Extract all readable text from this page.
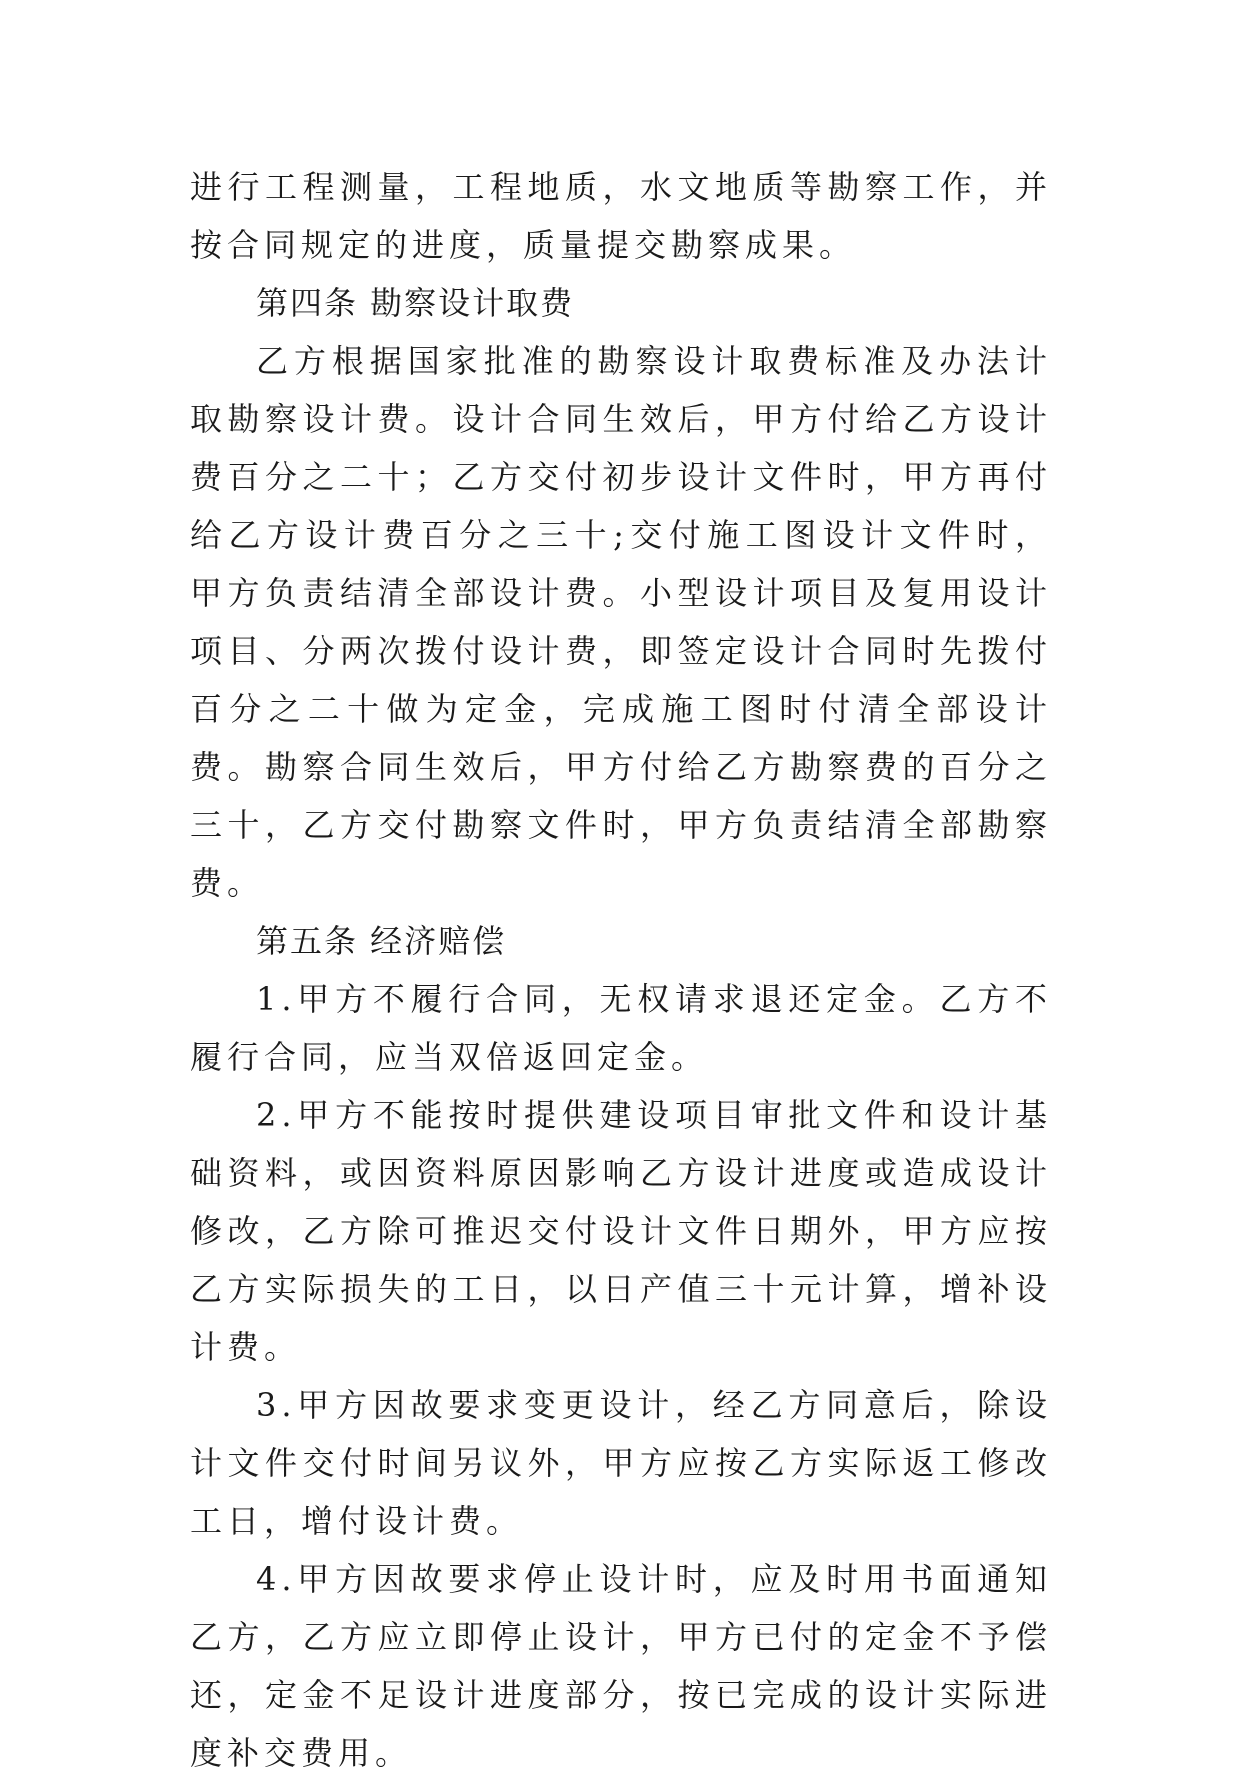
进行工程测量，工程地质，水文地质等勘察工作，并按合同规定的进度，质量提交勘察成果。

第四条 勘察设计取费

乙方根据国家批准的勘察设计取费标准及办法计取勘察设计费。设计合同生效后，甲方付给乙方设计费百分之二十；乙方交付初步设计文件时，甲方再付给乙方设计费百分之三十;交付施工图设计文件时，甲方负责结清全部设计费。小型设计项目及复用设计项目、分两次拨付设计费，即签定设计合同时先拨付百分之二十做为定金，完成施工图时付清全部设计费。勘察合同生效后，甲方付给乙方勘察费的百分之三十，乙方交付勘察文件时，甲方负责结清全部勘察费。

第五条 经济赔偿

1.甲方不履行合同，无权请求退还定金。乙方不履行合同，应当双倍返回定金。

2.甲方不能按时提供建设项目审批文件和设计基础资料，或因资料原因影响乙方设计进度或造成设计修改，乙方除可推迟交付设计文件日期外，甲方应按乙方实际损失的工日，以日产值三十元计算，增补设计费。

3.甲方因故要求变更设计，经乙方同意后，除设计文件交付时间另议外，甲方应按乙方实际返工修改工日，增付设计费。

4.甲方因故要求停止设计时，应及时用书面通知乙方，乙方应立即停止设计，甲方已付的定金不予偿还，定金不足设计进度部分，按已完成的设计实际进度补交费用。
